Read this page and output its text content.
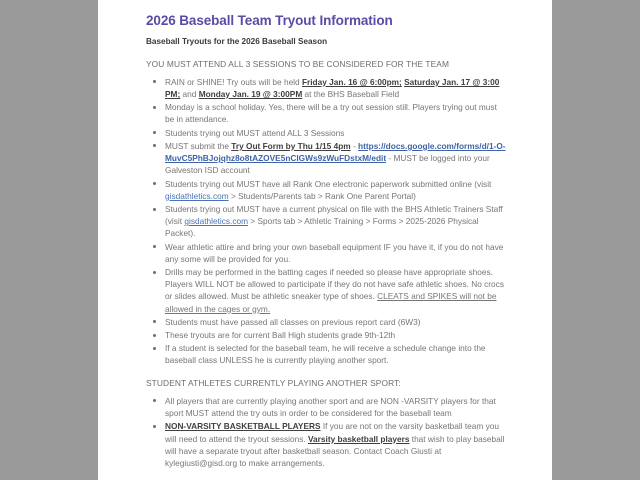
2026 Baseball Team Tryout Information

Baseball Tryouts for the 2026 Baseball Season

YOU MUST ATTEND ALL 3 SESSIONS TO BE CONSIDERED FOR THE TEAM

RAIN or SHINE! Try outs will be held Friday Jan. 16 @ 6:00pm; Saturday Jan. 17 @ 3:00 PM; and Monday Jan. 19 @ 3:00PM at the BHS Baseball Field
Monday is a school holiday. Yes, there will be a try out session still. Players trying out must be in attendance.
Students trying out MUST attend ALL 3 Sessions
MUST submit the Try Out Form by Thu 1/15 4pm - https://docs.google.com/forms/d/1-O-MuvC5PhBJojqhz8o8tAZOVE5nCIGWs9zWuFDstxM/edit - MUST be logged into your Galveston ISD account
Students trying out MUST have all Rank One electronic paperwork submitted online (visit gisdathletics.com > Students/Parents tab > Rank One Parent Portal)
Students trying out MUST have a current physical on file with the BHS Athletic Trainers Staff (visit gisdathletics.com > Sports tab > Athletic Training > Forms > 2025-2026 Physical Packet).
Wear athletic attire and bring your own baseball equipment IF you have it, if you do not have any some will be provided for you.
Drills may be performed in the batting cages if needed so please have appropriate shoes. Players WILL NOT be allowed to participate if they do not have safe athletic shoes. No crocs or slides allowed. Must be athletic sneaker type of shoes. CLEATS and SPIKES will not be allowed in the cages or gym.
Students must have passed all classes on previous report card (6W3)
These tryouts are for current Ball High students grade 9th-12th
If a student is selected for the baseball team, he will receive a schedule change into the baseball class UNLESS he is currently playing another sport.

STUDENT ATHLETES CURRENTLY PLAYING ANOTHER SPORT:

All players that are currently playing another sport and are NON -VARSITY players for that sport MUST attend the try outs in order to be considered for the baseball team
NON-VARSITY BASKETBALL PLAYERS If you are not on the varsity basketball team you will need to attend the tryout sessions. Varsity basketball players that wish to play baseball will have a separate tryout after basketball season. Contact Coach Giusti at kylegiusti@gisd.org to make arrangements.
